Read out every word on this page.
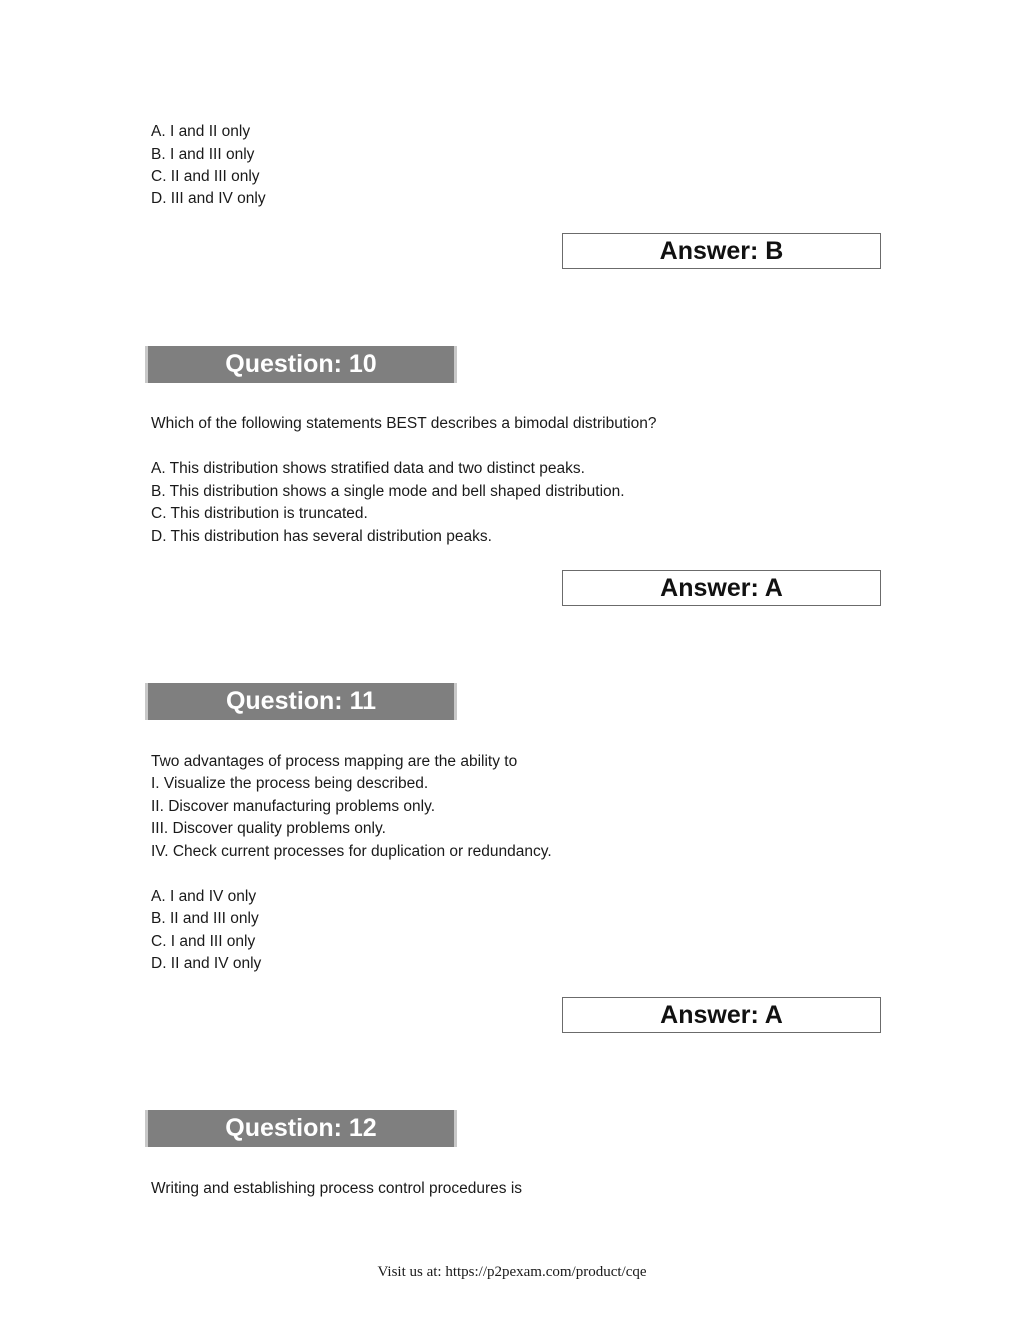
A. I and II only
B. I and III only
C. II and III only
D. III and IV only
Answer: B
Question: 10
Which of the following statements BEST describes a bimodal distribution?
A. This distribution shows stratified data and two distinct peaks.
B. This distribution shows a single mode and bell shaped distribution.
C. This distribution is truncated.
D. This distribution has several distribution peaks.
Answer: A
Question: 11
Two advantages of process mapping are the ability to
I. Visualize the process being described.
II. Discover manufacturing problems only.
III. Discover quality problems only.
IV. Check current processes for duplication or redundancy.
A. I and IV only
B. II and III only
C. I and III only
D. II and IV only
Answer: A
Question: 12
Writing and establishing process control procedures is
Visit us at: https://p2pexam.com/product/cqe
